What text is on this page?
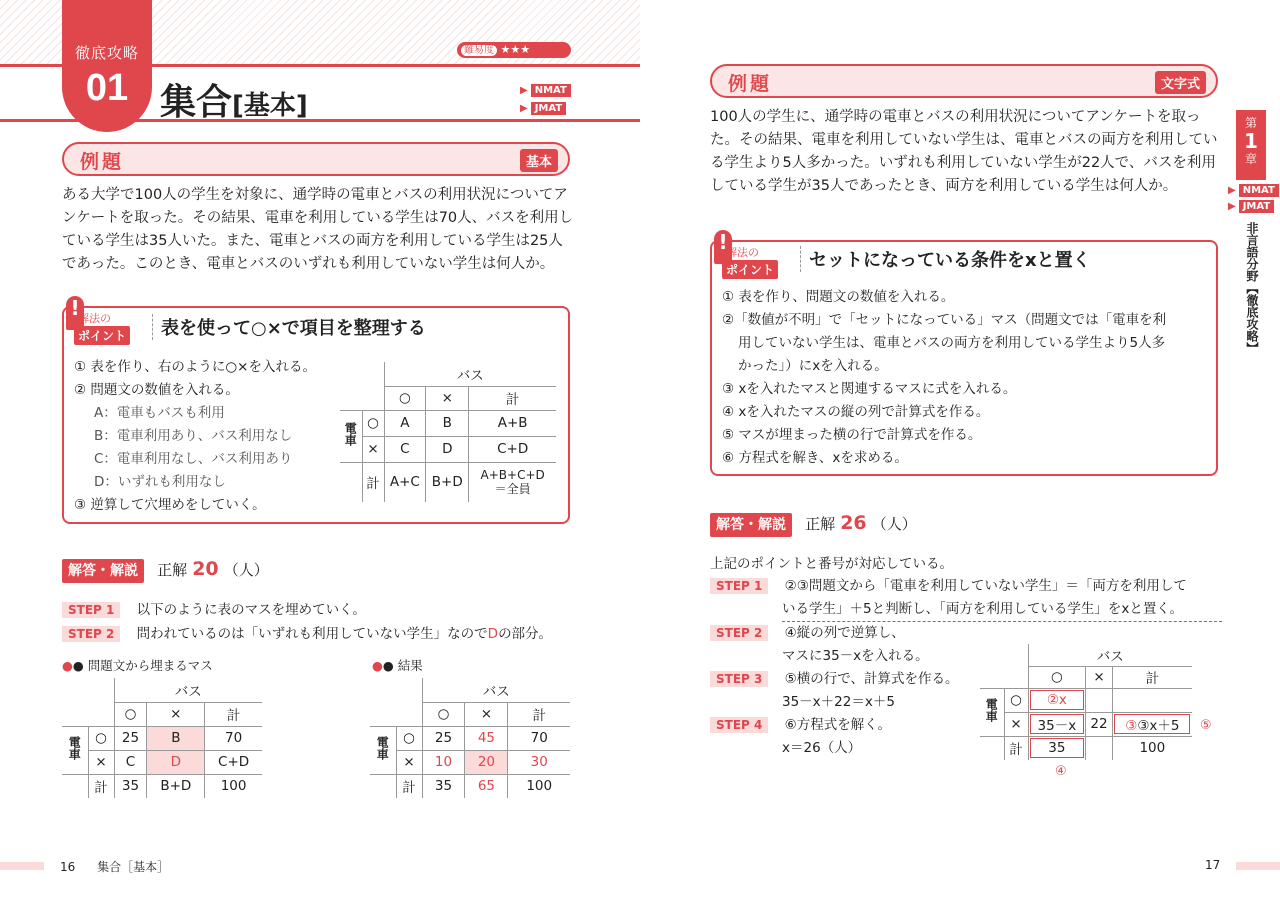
徹底攻略
01 集合[基本]
難易度 ★★★
▶ NMAT
▶ JMAT
例題	基本
ある大学で100人の学生を対象に、通学時の電車とバスの利用状況についてアンケートを取った。その結果、電車を利用している学生は70人、バスを利用している学生は35人いた。また、電車とバスの両方を利用している学生は25人であった。このとき、電車とバスのいずれも利用していない学生は何人か。
!
解法の
ポイント	表を使って○×で項目を整理する
① 表を作り、右のように○×を入れる。
② 問題文の数値を入れる。
A：電車もバスも利用
B：電車利用あり、バス利用なし
C：電車利用なし、バス利用あり
D：いずれも利用なし
③ 逆算して穴埋めをしていく。
		バス		
		○	×	計
電車	○	A	B	A+B
	×	C	D	C+D
	計	A+C	B+D	A+B+C+D
＝全員
解答・解説 正解 20 （人）
STEP 1 以下のように表のマスを埋めていく。
STEP 2 問われているのは「いずれも利用していない学生」なのでDの部分。
●● 問題文から埋まるマス	●● 結果
		バス		
		○	×	計
電車	○	25	B	70
	×	C	D	C+D
	計	35	B+D	100
		バス		
		○	×	計
電車	○	25	45	70
	×	10	20	30
	計	35	65	100
16 集合［基本］
例題	文字式
100人の学生に、通学時の電車とバスの利用状況についてアンケートを取った。その結果、電車を利用していない学生は、電車とバスの両方を利用している学生より5人多かった。いずれも利用していない学生が22人で、バスを利用している学生が35人であったとき、両方を利用している学生は何人か。
!
解法の
ポイント	セットになっている条件をxと置く
① 表を作り、問題文の数値を入れる。
②「数値が不明」で「セットになっている」マス（問題文では「電車を利
用していない学生は、電車とバスの両方を利用している学生より5人多
かった」）にxを入れる。
③ xを入れたマスと関連するマスに式を入れる。
④ xを入れたマスの縦の列で計算式を作る。
⑤ マスが埋まった横の行で計算式を作る。
⑥ 方程式を解き、xを求める。
解答・解説 正解 26 （人）
上記のポイントと番号が対応している。
STEP 1 ②③問題文から「電車を利用していない学生」＝「両方を利用して
いる学生」＋5と判断し、「両方を利用している学生」をxと置く。
STEP 2 ④縦の列で逆算し、
マスに35－xを入れる。
STEP 3 ⑤横の行で、計算式を作る。
35－x＋22＝x＋5
STEP 4 ⑥方程式を解く。
x＝26（人）
		バス		
		○	×	計
電車	○	②x		
	×	35－x	22	③③x＋5
	計	35		100
④
⑤
第
1
章
▶ NMAT
▶ JMAT
非言語分野【徹底攻略】
17
